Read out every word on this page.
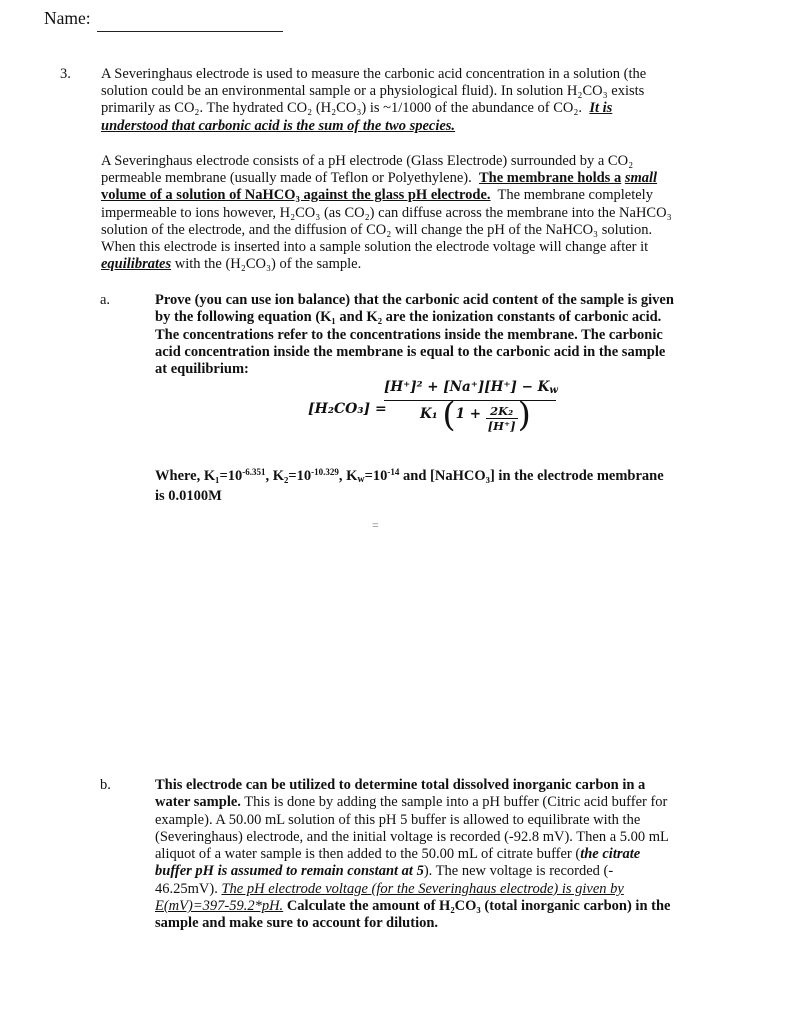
Name:
3. A Severinghaus electrode is used to measure the carbonic acid concentration in a solution (the
solution could be an environmental sample or a physiological fluid). In solution H₂CO₃ exists
primarily as CO₂. The hydrated CO₂ (H₂CO₃) is ~1/1000 of the abundance of CO₂. It is
understood that carbonic acid is the sum of the two species.
A Severinghaus electrode consists of a pH electrode (Glass Electrode) surrounded by a CO₂
permeable membrane (usually made of Teflon or Polyethylene). The membrane holds a small
volume of a solution of NaHCO₃ against the glass pH electrode. The membrane completely
impermeable to ions however, H₂CO₃ (as CO₂) can diffuse across the membrane into the NaHCO₃
solution of the electrode, and the diffusion of CO₂ will change the pH of the NaHCO₃ solution.
When this electrode is inserted into a sample solution the electrode voltage will change after it
equilibrates with the (H₂CO₃) of the sample.
a.	Prove (you can use ion balance) that the carbonic acid content of the sample is given
by the following equation (K₁ and K₂ are the ionization constants of carbonic acid.
The concentrations refer to the concentrations inside the membrane. The carbonic
acid concentration inside the membrane is equal to the carbonic acid in the sample
at equilibrium:
[H₂CO₃] =
$[H^+]^2 + [Na^+][H^+] - K_w$
K₁ ($1 + \frac{\text{2K₂}}{[H^+]}$ )
Where, $K_1=10^{-6.351}$, $K_2=10^{-10.329}$, $K_w=10^{-14}$ and [NaHCO₃] in the electrode membrane
is 0.0100M
=
b.	This electrode can be utilized to determine total dissolved inorganic carbon in a
water sample. This is done by adding the sample into a pH buffer (Citric acid buffer for
example). A 50.00 mL solution of this pH 5 buffer is allowed to equilibrate with the
(Severinghaus) electrode, and the initial voltage is recorded (-92.8 mV). Then a 5.00 mL
aliquot of a water sample is then added to the 50.00 mL of citrate buffer (the citrate
buffer pH is assumed to remain constant at 5). The new voltage is recorded (-
46.25mV). The pH electrode voltage (for the Severinghaus electrode) is given by
E(mV)=397-59.2*pH. Calculate the amount of H₂CO₃ (total inorganic carbon) in the
sample and make sure to account for dilution.
